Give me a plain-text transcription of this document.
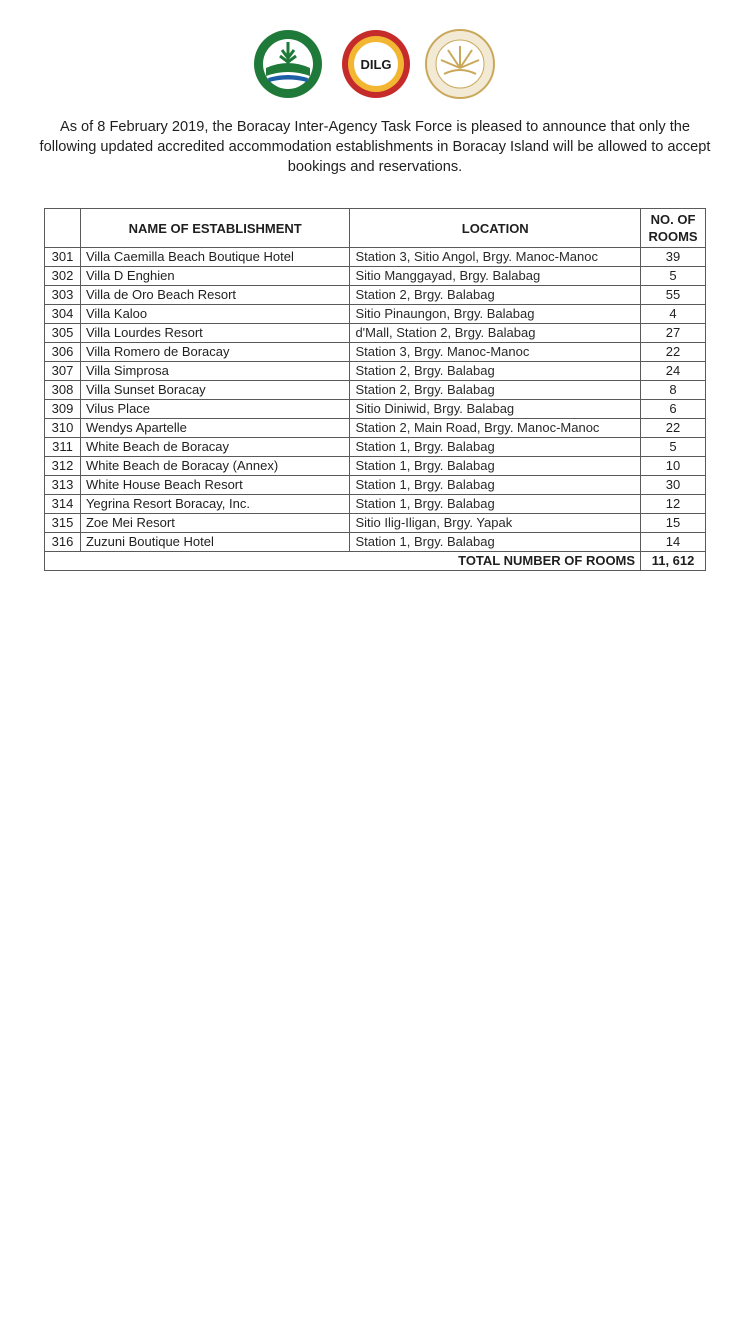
DILG
As of 8 February 2019, the Boracay Inter-Agency Task Force is pleased to announce that only the following updated accredited accommodation establishments in Boracay Island will be allowed to accept bookings and reservations.
	NAME OF ESTABLISHMENT	LOCATION	NO. OF ROOMS
301	Villa Caemilla Beach Boutique Hotel	Station 3, Sitio Angol, Brgy. Manoc-Manoc	39
302	Villa D Enghien	Sitio Manggayad, Brgy. Balabag	5
303	Villa de Oro Beach Resort	Station 2, Brgy. Balabag	55
304	Villa Kaloo	Sitio Pinaungon, Brgy. Balabag	4
305	Villa Lourdes Resort	d'Mall, Station 2, Brgy. Balabag	27
306	Villa Romero de Boracay	Station 3, Brgy. Manoc-Manoc	22
307	Villa Simprosa	Station 2, Brgy. Balabag	24
308	Villa Sunset Boracay	Station 2, Brgy. Balabag	8
309	Vilus Place	Sitio Diniwid, Brgy. Balabag	6
310	Wendys Apartelle	Station 2, Main Road, Brgy. Manoc-Manoc	22
311	White Beach de Boracay	Station 1, Brgy. Balabag	5
312	White Beach de Boracay (Annex)	Station 1, Brgy. Balabag	10
313	White House Beach Resort	Station 1, Brgy. Balabag	30
314	Yegrina Resort Boracay, Inc.	Station 1, Brgy. Balabag	12
315	Zoe Mei Resort	Sitio Ilig-Iligan, Brgy. Yapak	15
316	Zuzuni Boutique Hotel	Station 1, Brgy. Balabag	14
TOTAL NUMBER OF ROOMS			11, 612
